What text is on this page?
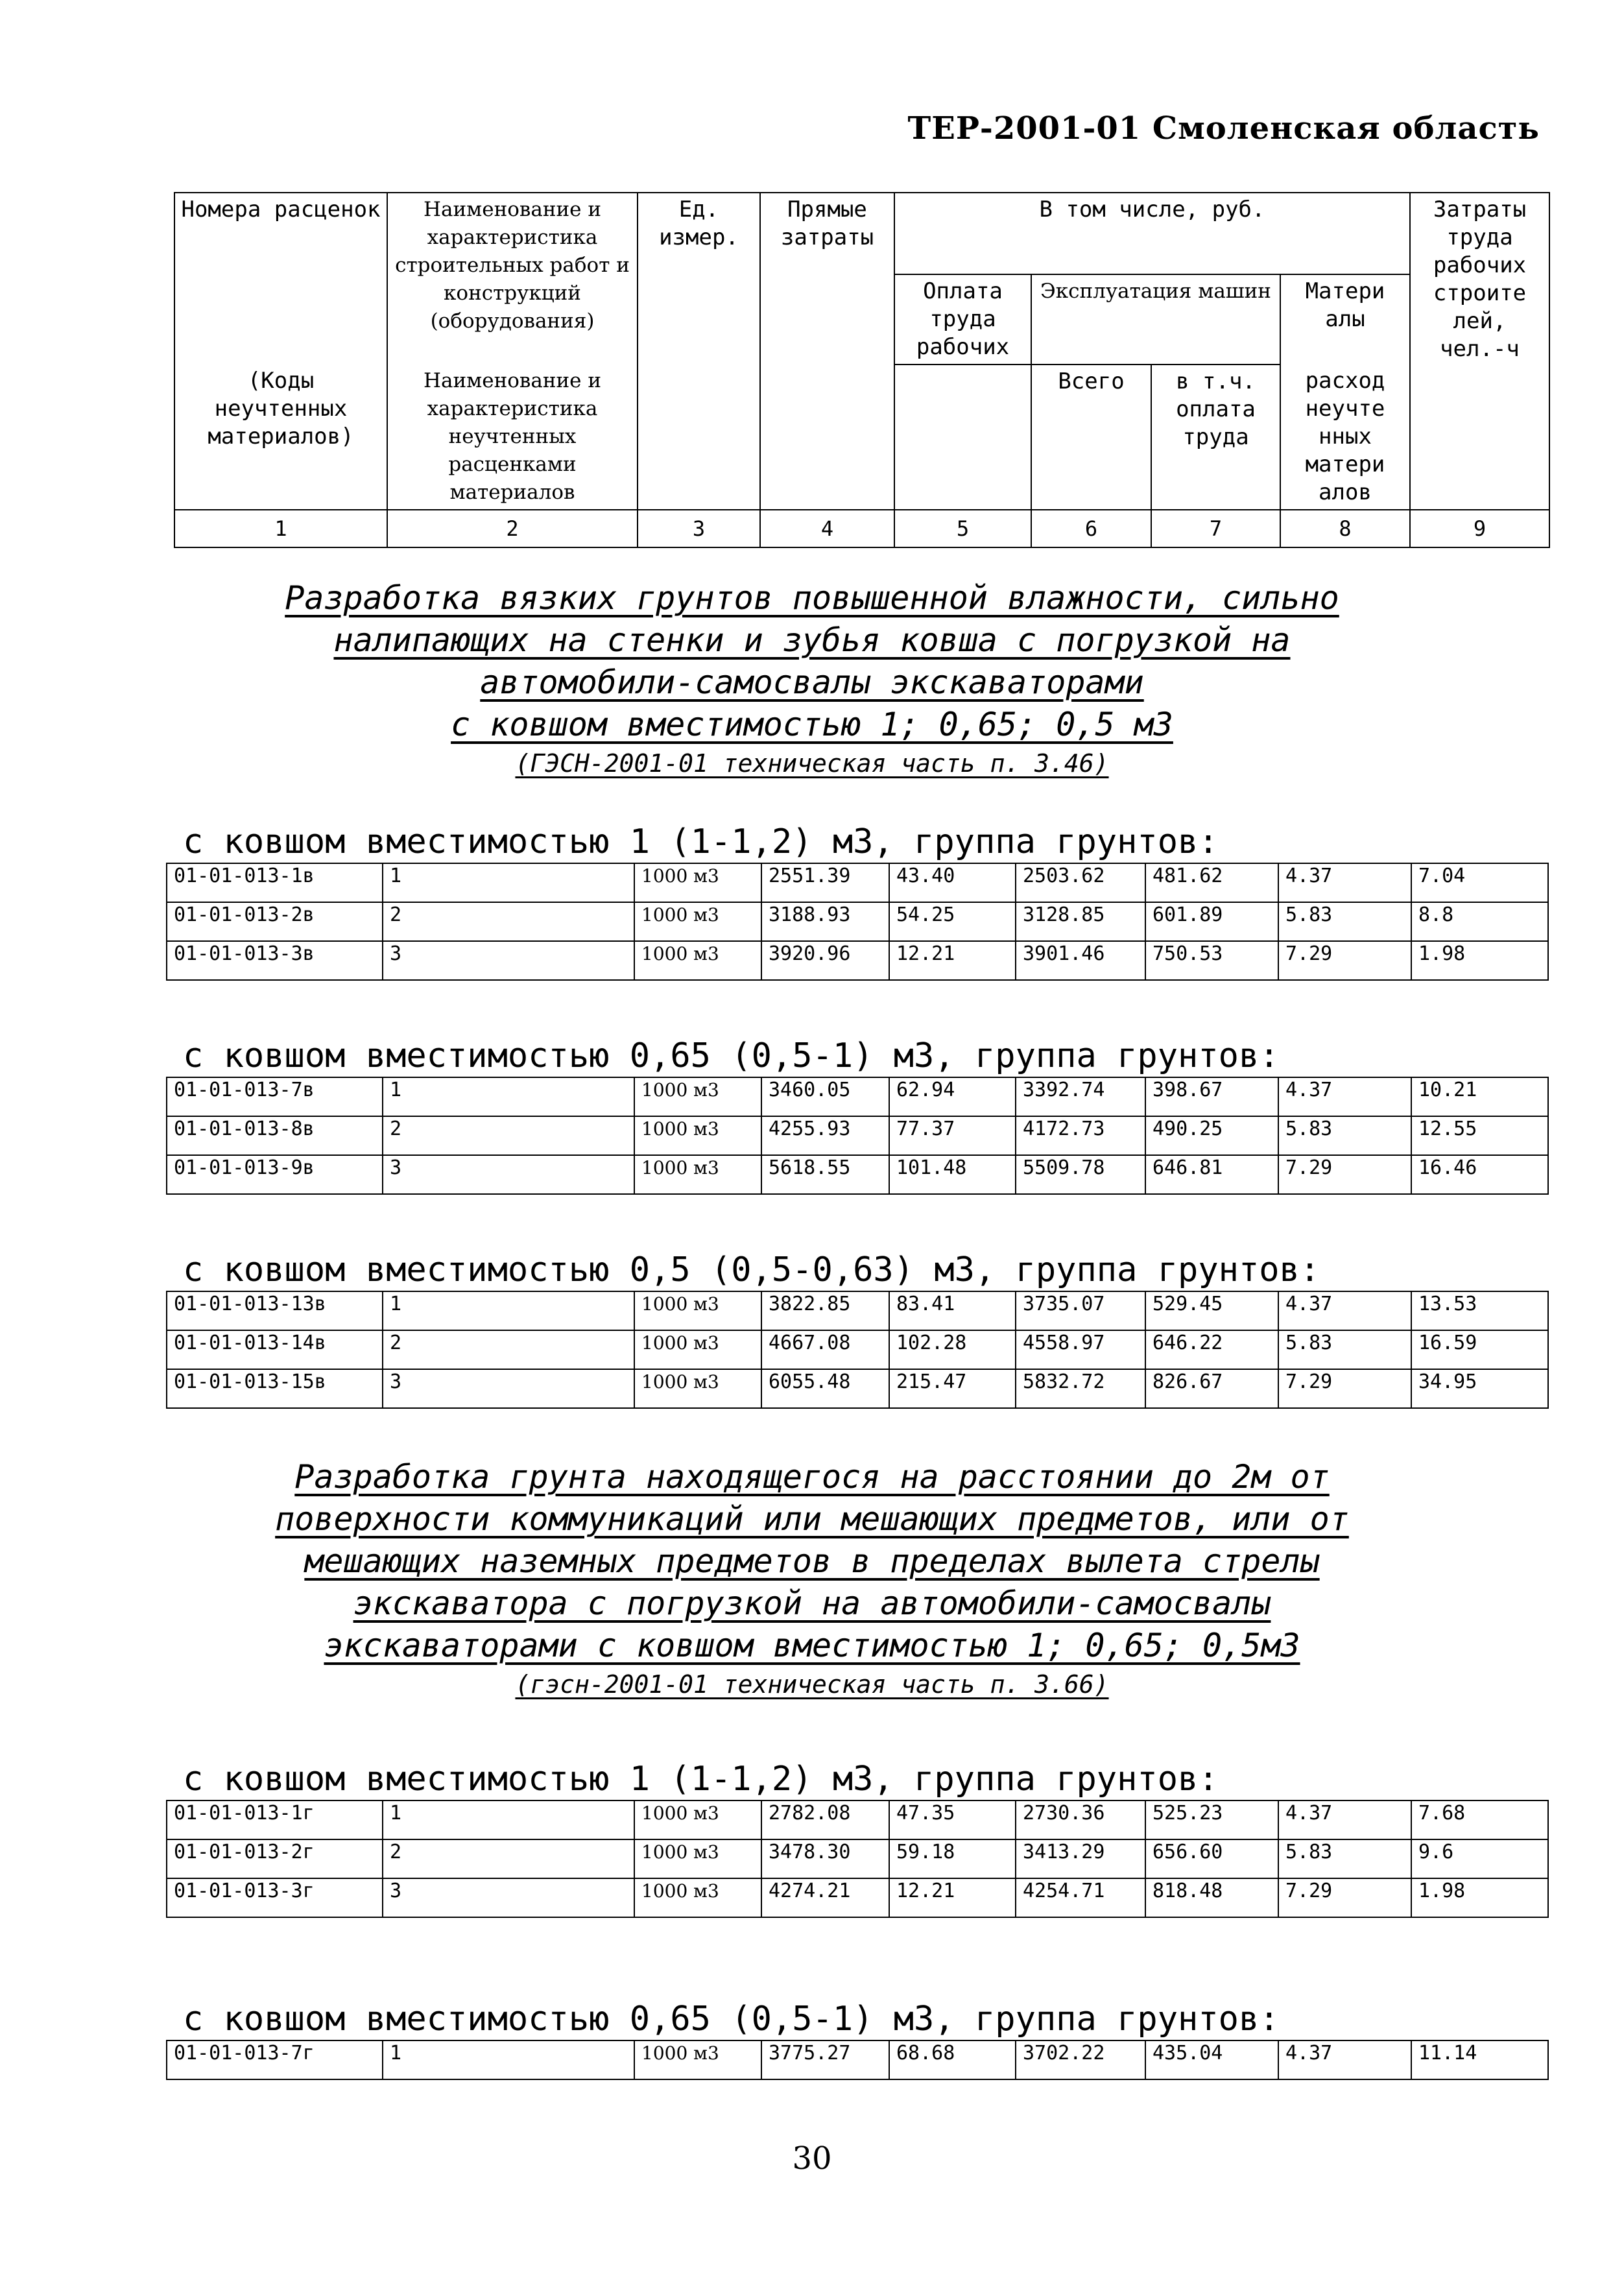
ТЕР-2001-01 Смоленская область
Номера расценок	Наименование и характеристика строительных работ и конструкций (оборудования)	Ед. измер.	Прямые затраты	В том числе, руб.				Затраты труда рабочих строите лей, чел.-ч
				Оплата труда рабочих	Эксплуатация машин		Матери алы	
(Коды неучтенных материалов)	Наименование и характеристика неучтенных расценками материалов				Всего	в т.ч. оплата труда	расход неучте нных матери алов	
1	2	3	4	5	6	7	8	9
Разработка вязких грунтов повышенной влажности, сильно
налипающих на стенки и зубья ковша с погрузкой на
автомобили-самосвалы экскаваторами
с ковшом вместимостью 1; 0,65; 0,5 м3
(ГЭСН-2001-01 техническая часть п. 3.46)
с ковшом вместимостью 1 (1-1,2) м3, группа грунтов:
01-01-013-1в	1	1000 м3	2551.39	43.40	2503.62	481.62	4.37	7.04
01-01-013-2в	2	1000 м3	3188.93	54.25	3128.85	601.89	5.83	8.8
01-01-013-3в	3	1000 м3	3920.96	12.21	3901.46	750.53	7.29	1.98
с ковшом вместимостью 0,65 (0,5-1) м3, группа грунтов:
01-01-013-7в	1	1000 м3	3460.05	62.94	3392.74	398.67	4.37	10.21
01-01-013-8в	2	1000 м3	4255.93	77.37	4172.73	490.25	5.83	12.55
01-01-013-9в	3	1000 м3	5618.55	101.48	5509.78	646.81	7.29	16.46
с ковшом вместимостью 0,5 (0,5-0,63) м3, группа грунтов:
01-01-013-13в	1	1000 м3	3822.85	83.41	3735.07	529.45	4.37	13.53
01-01-013-14в	2	1000 м3	4667.08	102.28	4558.97	646.22	5.83	16.59
01-01-013-15в	3	1000 м3	6055.48	215.47	5832.72	826.67	7.29	34.95
Разработка грунта находящегося на расстоянии до 2м от
поверхности коммуникаций или мешающих предметов, или от
мешающих наземных предметов в пределах вылета стрелы
экскаватора с погрузкой на автомобили-самосвалы
экскаваторами с ковшом вместимостью 1; 0,65; 0,5м3
(гэсн-2001-01 техническая часть п. 3.66)
с ковшом вместимостью 1 (1-1,2) м3, группа грунтов:
01-01-013-1г	1	1000 м3	2782.08	47.35	2730.36	525.23	4.37	7.68
01-01-013-2г	2	1000 м3	3478.30	59.18	3413.29	656.60	5.83	9.6
01-01-013-3г	3	1000 м3	4274.21	12.21	4254.71	818.48	7.29	1.98
с ковшом вместимостью 0,65 (0,5-1) м3, группа грунтов:
01-01-013-7г	1	1000 м3	3775.27	68.68	3702.22	435.04	4.37	11.14
30
